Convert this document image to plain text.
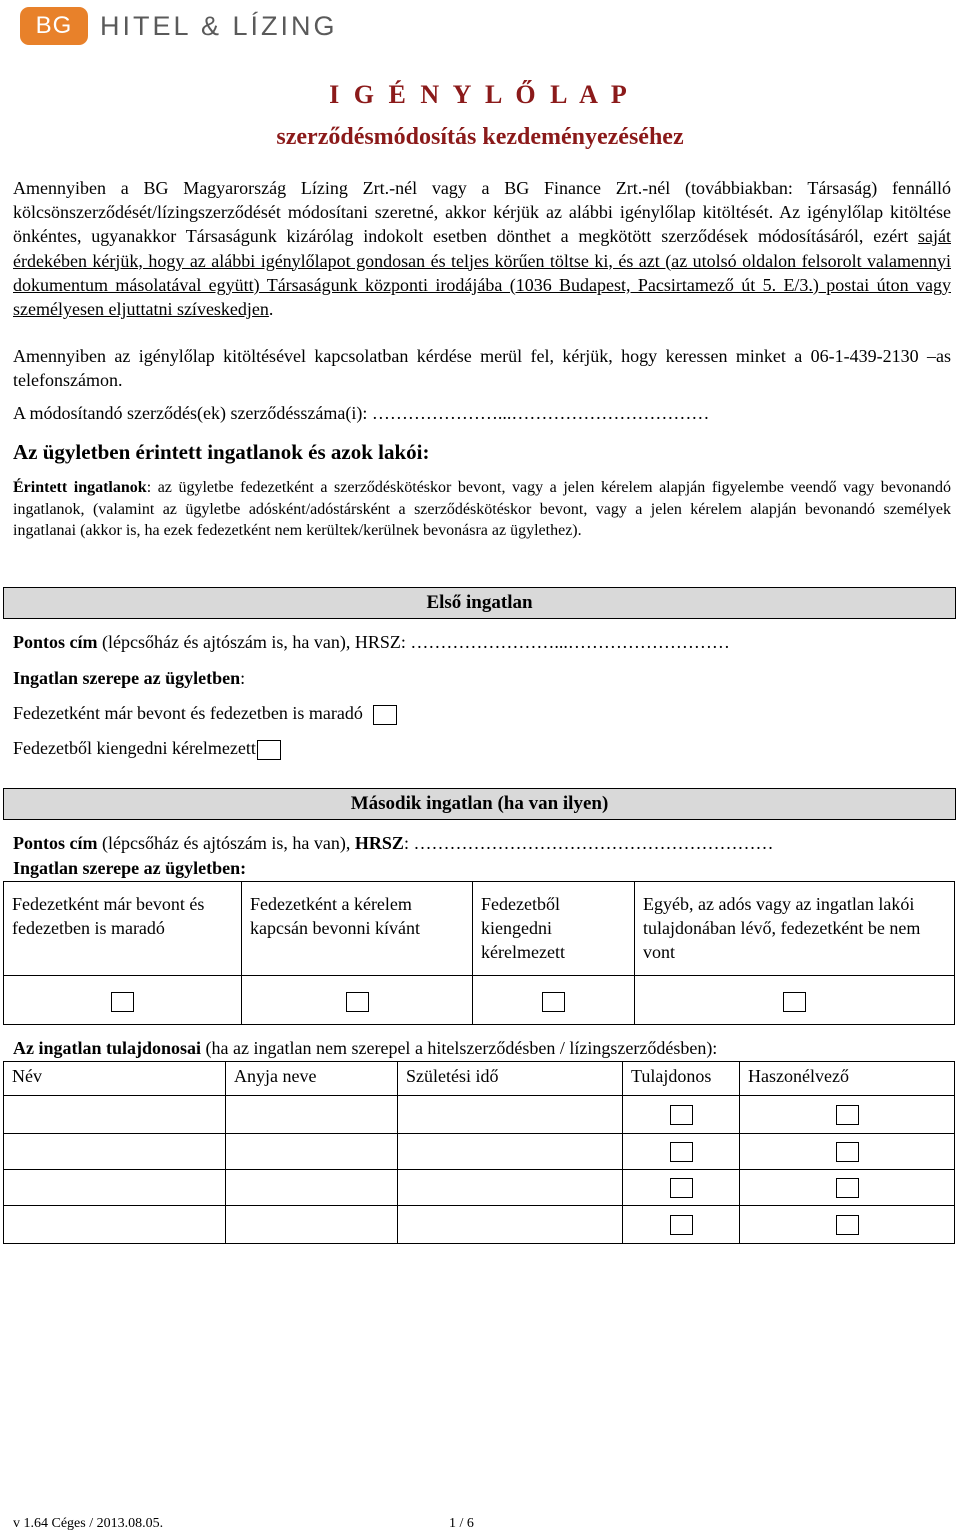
BG	HITEL & LÍZING
I G É N Y L Ő L A P
szerződésmódosítás kezdeményezéséhez
Amennyiben a BG Magyarország Lízing Zrt.-nél vagy a BG Finance Zrt.-nél (továbbiakban: Társaság) fennálló kölcsönszerződését/lízingszerződését módosítani szeretné, akkor kérjük az alábbi igénylőlap kitöltését. Az igénylőlap kitöltése önkéntes, ugyanakkor Társaságunk kizárólag indokolt esetben dönthet a megkötött szerződések módosításáról, ezért saját érdekében kérjük, hogy az alábbi igénylőlapot gondosan és teljes körűen töltse ki, és azt (az utolsó oldalon felsorolt valamennyi dokumentum másolatával együtt) Társaságunk központi irodájába (1036 Budapest, Pacsirtamező út 5. E/3.) postai úton vagy személyesen eljuttatni szíveskedjen.
Amennyiben az igénylőlap kitöltésével kapcsolatban kérdése merül fel, kérjük, hogy keressen minket a 06-1-439-2130 –as telefonszámon.
A módosítandó szerződés(ek) szerződésszáma(i): …………………...……………………………
Az ügyletben érintett ingatlanok és azok lakói:
Érintett ingatlanok: az ügyletbe fedezetként a szerződéskötéskor bevont, vagy a jelen kérelem alapján figyelembe veendő vagy bevonandó ingatlanok, (valamint az ügyletbe adósként/adóstársként a szerződéskötéskor bevont, vagy a jelen kérelem alapján bevonandó személyek ingatlanai (akkor is, ha ezek fedezetként nem kerültek/kerülnek bevonásra az ügylethez).
Első ingatlan
Pontos cím (lépcsőház és ajtószám is, ha van), HRSZ: ……………………...………………………
Ingatlan szerepe az ügyletben:
Fedezetként már bevont és fedezetben is maradó
Fedezetből kiengedni kérelmezett
Második ingatlan (ha van ilyen)
Pontos cím (lépcsőház és ajtószám is, ha van), HRSZ: ……………………………………………………
Ingatlan szerepe az ügyletben:
Fedezetként már bevont és fedezetben is maradó	Fedezetként a kérelem kapcsán bevonni kívánt	Fedezetből kiengedni kérelmezett	Egyéb, az adós vagy az ingatlan lakói tulajdonában lévő, fedezetként be nem vont

Az ingatlan tulajdonosai (ha az ingatlan nem szerepel a hitelszerződésben / lízingszerződésben):
Név	Anyja neve	Születési idő	Tulajdonos	Haszonélvező

v 1.64 Céges / 2013.08.05.	1 / 6
